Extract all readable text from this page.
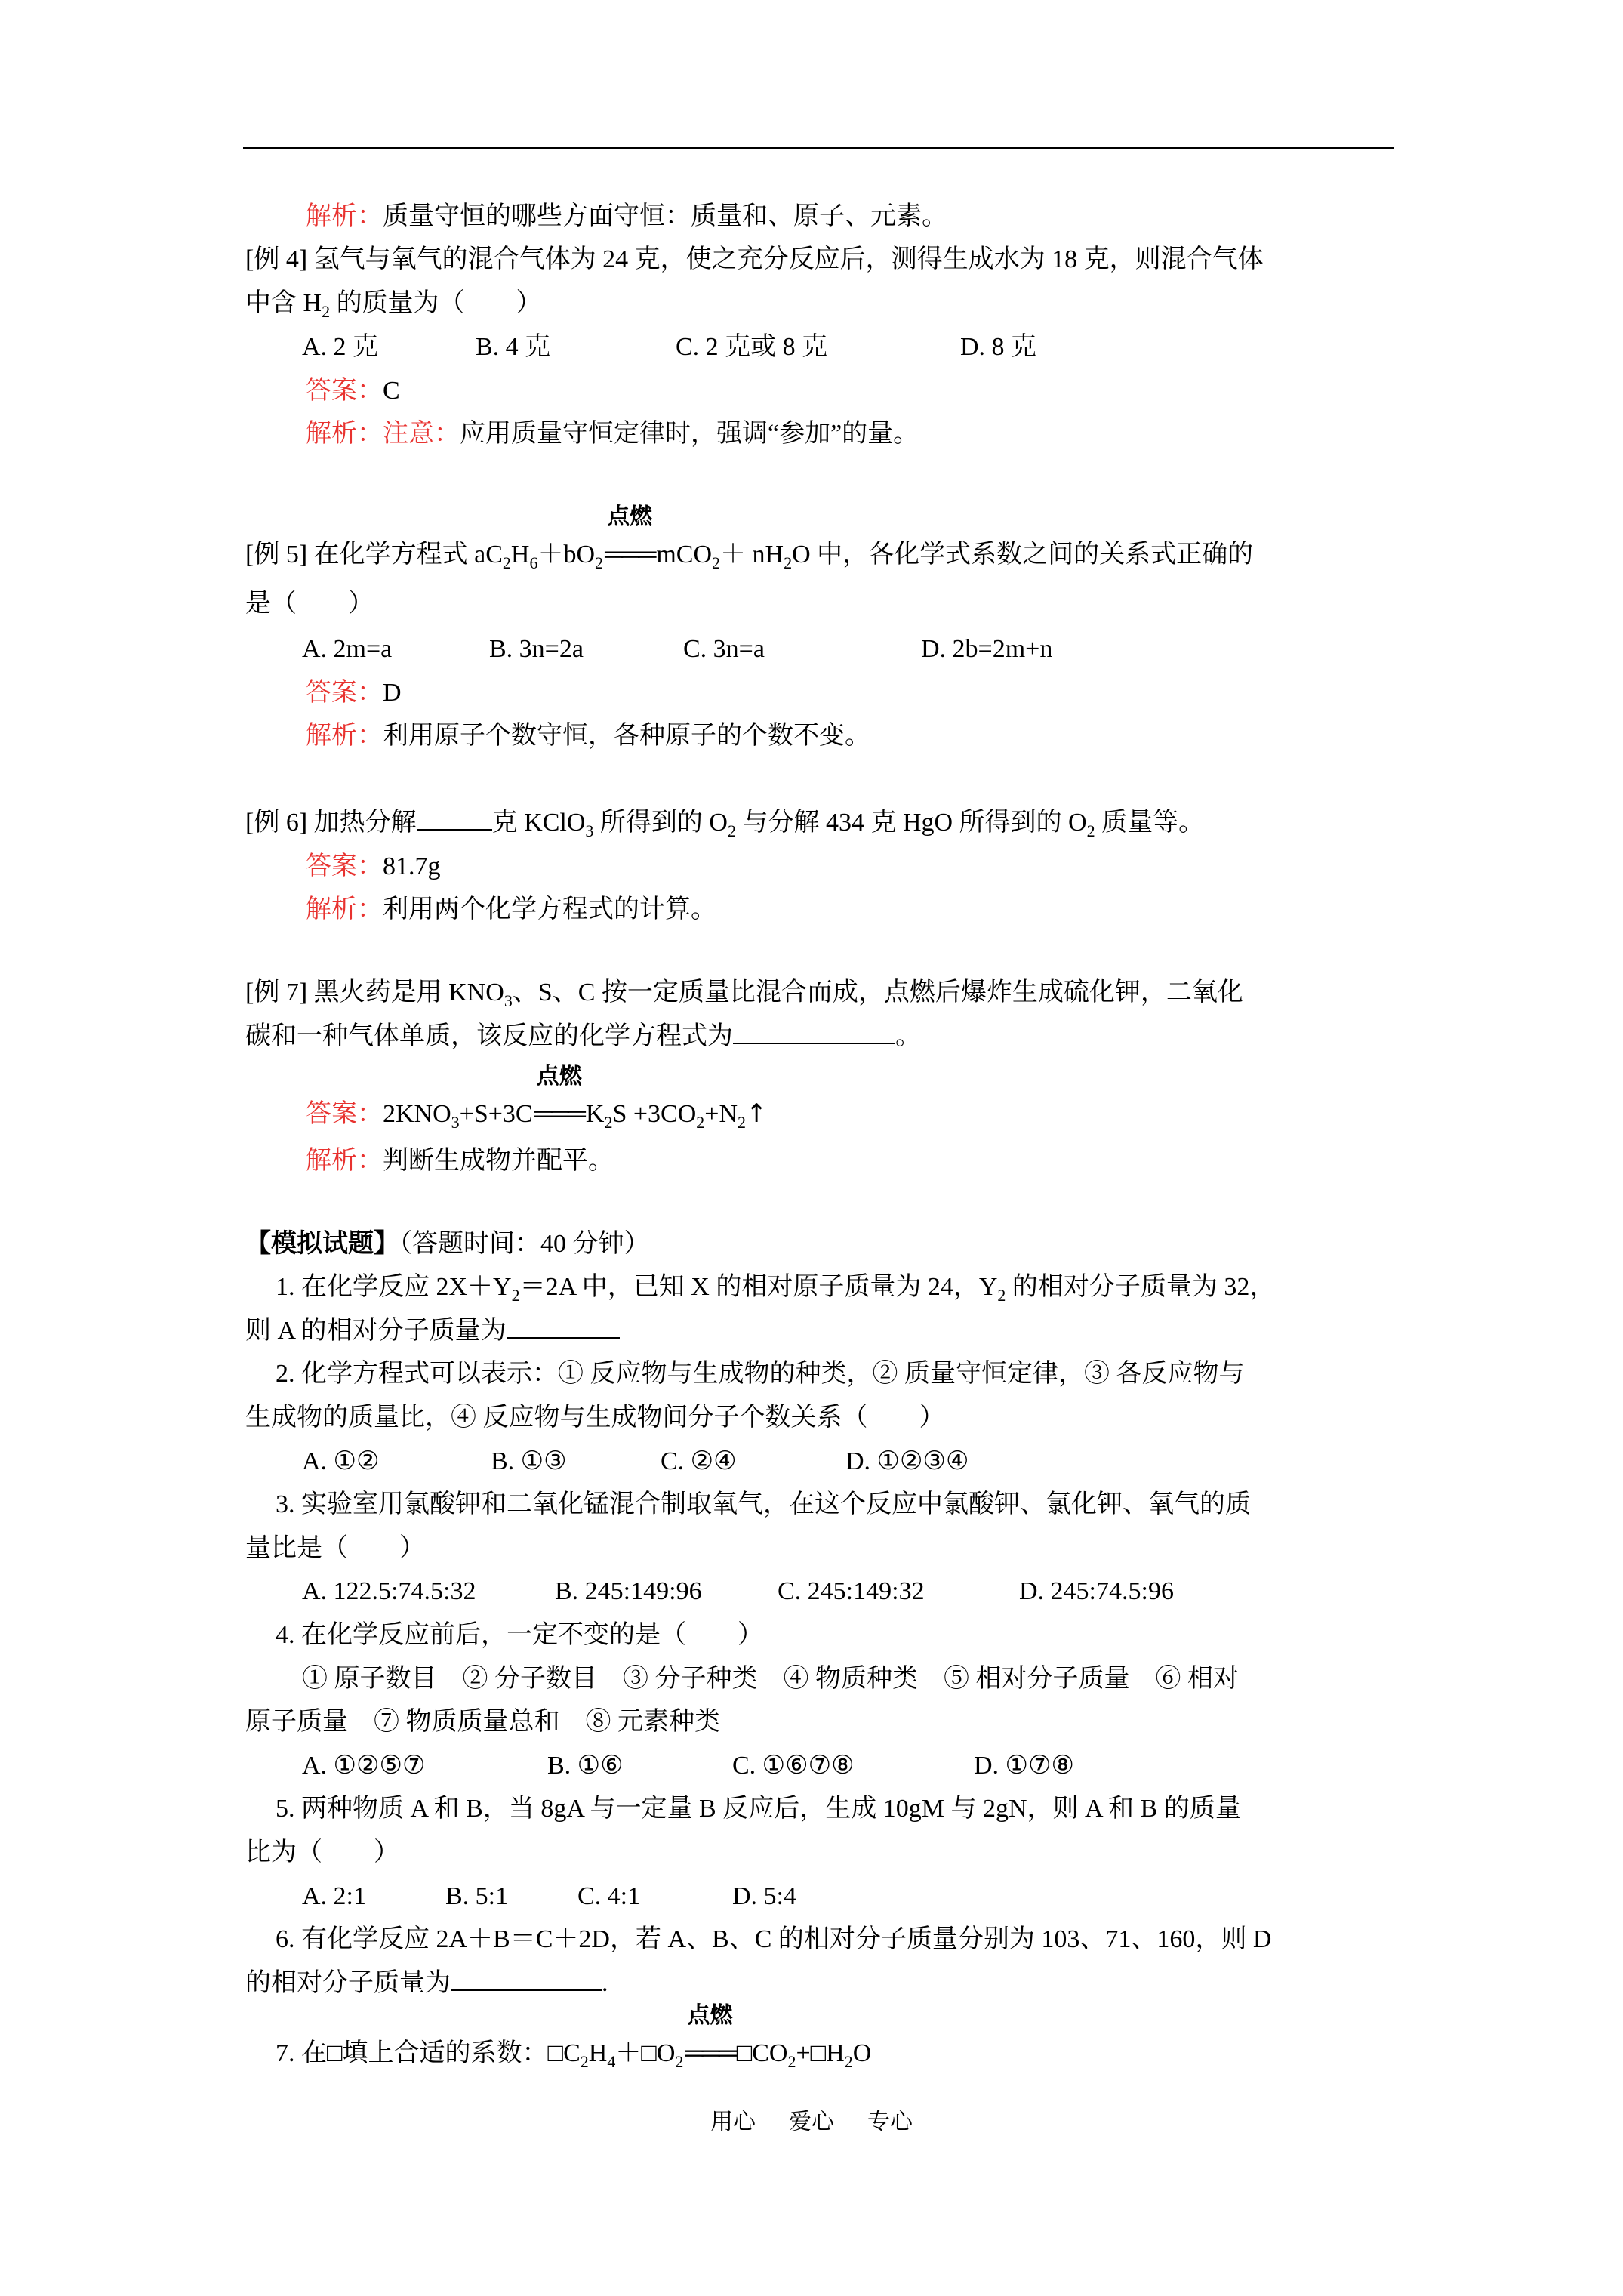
解析：质量守恒的哪些方面守恒：质量和、原子、元素。
[例 4] 氢气与氧气的混合气体为 24 克，使之充分反应后，测得生成水为 18 克，则混合气体
中含 $H_2$ 的质量为（　　）
A. 2 克	B. 4 克	C. 2 克或 8 克	D. 8 克
答案：C
解析：注意：应用质量守恒定律时，强调“参加”的量。
[例 5] 在化学方程式 $aC_2H_6+bO_2$
点燃
═══mCO$_2$＋ $nH_2O$ 中，各化学式系数之间的关系式正确的
是（　　）
A. 2m=a	B. 3n=2a	C. 3n=a	D. 2b=2m+n
答案：D
解析：利用原子个数守恒，各种原子的个数不变。
[例 6] 加热分解	克 KClO$_3$ 所得到的 $O_2$ 与分解 434 克 HgO 所得到的 $O_2$ 质量等。
答案：81.7g
解析：利用两个化学方程式的计算。
[例 7] 黑火药是用 $KNO_3$、S、C 按一定质量比混合而成，点燃后爆炸生成硫化钾，二氧化
碳和一种气体单质，该反应的化学方程式为	。
答案：$2KNO_3+S+3C$
点燃
$═══K_2S$ $+3CO_2+N_2↑$
解析：判断生成物并配平。
【模拟试题】（答题时间：40 分钟）
1. 在化学反应 $2X+Y_2=2A$ 中，已知 X 的相对原子质量为 24，$Y_2$ 的相对分子质量为 32，
则 A 的相对分子质量为
2. 化学方程式可以表示：① 反应物与生成物的种类，② 质量守恒定律，③ 各反应物与
生成物的质量比，④ 反应物与生成物间分子个数关系（　　）
A. ①②	B. ①③	C. ②④	D. ①②③④
3. 实验室用氯酸钾和二氧化锰混合制取氧气，在这个反应中氯酸钾、氯化钾、氧气的质
量比是（　　）
A. 122.5:74.5:32	B. 245:149:96	C. 245:149:32	D. 245:74.5:96
4. 在化学反应前后，一定不变的是（　　）
① 原子数目　② 分子数目　③ 分子种类　④ 物质种类　⑤ 相对分子质量　⑥ 相对
原子质量　⑦ 物质质量总和　⑧ 元素种类
A. ①②⑤⑦	B. ①⑥	C. ①⑥⑦⑧	D. ①⑦⑧
5. 两种物质 A 和 B，当 8gA 与一定量 B 反应后，生成 10gM 与 2gN，则 A 和 B 的质量
比为（　　）
A. 2:1	B. 5:1	C. 4:1	D. 5:4
6. 有化学反应 2A＋B＝C＋2D，若 A、B、C 的相对分子质量分别为 103、71、160，则 D
的相对分子质量为	.
7. 在□填上合适的系数：$□C_2H_4+□O_2$
点燃
$═══□CO_2+□H_2O$
用心 爱心 专心
